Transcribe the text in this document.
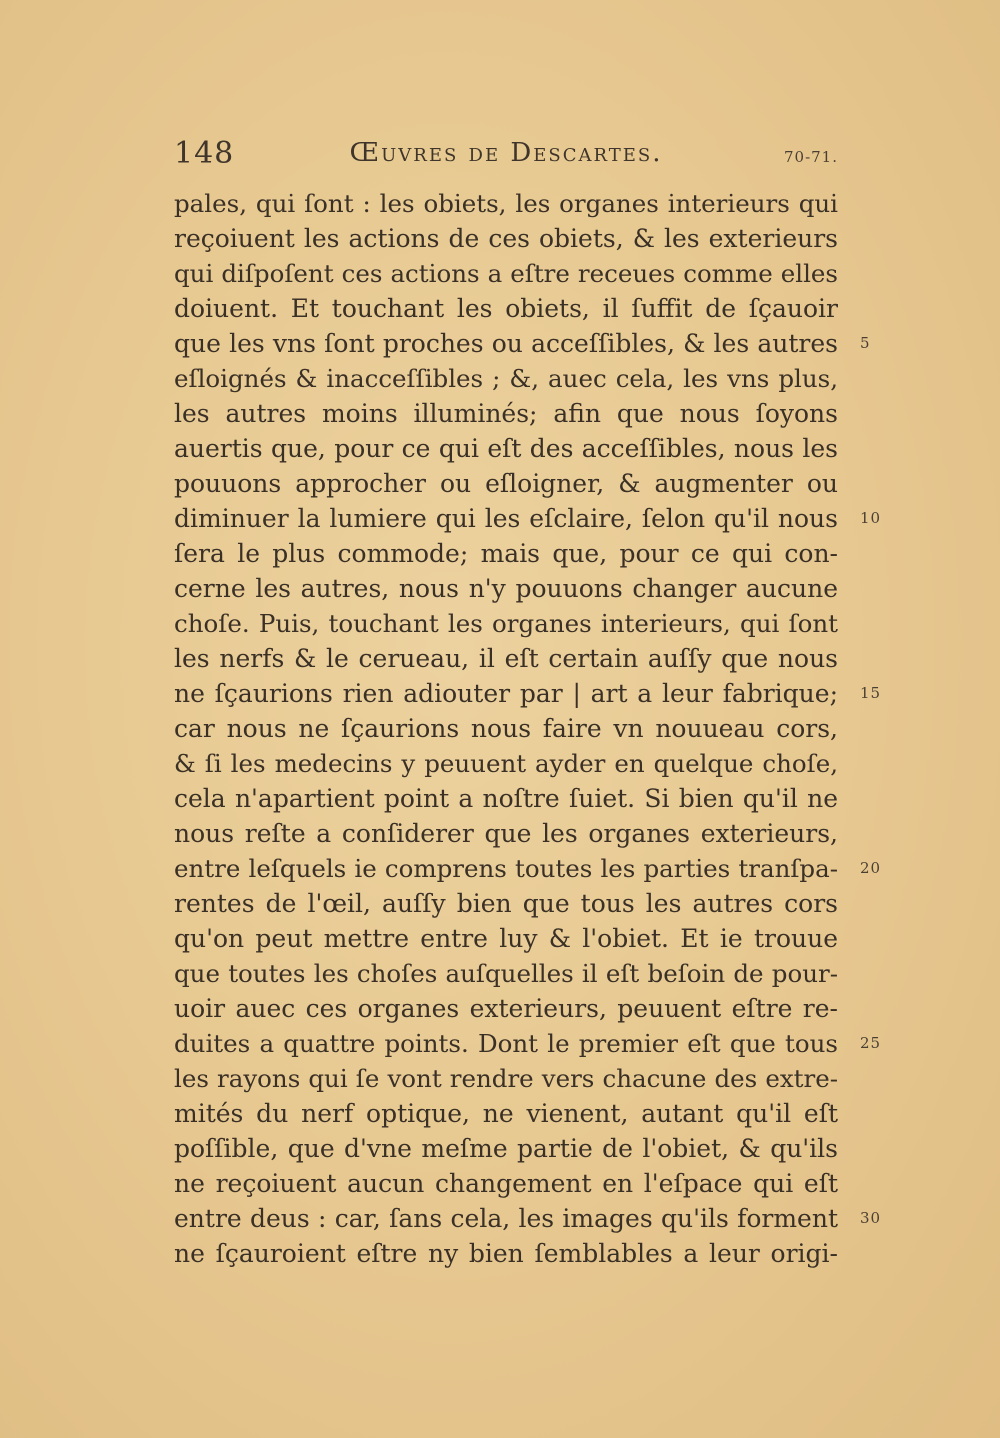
148	Œuvres de Descartes.	70-71.
pales, qui ſont : les obiets, les organes interieurs qui
reçoiuent les actions de ces obiets, & les exterieurs
qui diſpoſent ces actions a eſtre receues comme elles
doiuent. Et touchant les obiets, il ſuffit de ſçauoir
que les vns ſont proches ou acceſſibles, & les autres 5
eſloignés & inacceſſibles ; &, auec cela, les vns plus,
les autres moins illuminés; afin que nous ſoyons
auertis que, pour ce qui eſt des acceſſibles, nous les
pouuons approcher ou eſloigner, & augmenter ou
diminuer la lumiere qui les eſclaire, ſelon qu'il nous 10
ſera le plus commode; mais que, pour ce qui con-
cerne les autres, nous n'y pouuons changer aucune
choſe. Puis, touchant les organes interieurs, qui ſont
les nerfs & le cerueau, il eſt certain auſſy que nous
ne ſçaurions rien adiouter par | art a leur fabrique; 15
car nous ne ſçaurions nous faire vn nouueau cors,
& ſi les medecins y peuuent ayder en quelque choſe,
cela n'apartient point a noſtre ſuiet. Si bien qu'il ne
nous reſte a conſiderer que les organes exterieurs,
entre leſquels ie comprens toutes les parties tranſpa- 20
rentes de l'œil, auſſy bien que tous les autres cors
qu'on peut mettre entre luy & l'obiet. Et ie trouue
que toutes les choſes auſquelles il eſt beſoin de pour-
uoir auec ces organes exterieurs, peuuent eſtre re-
duites a quattre points. Dont le premier eſt que tous 25
les rayons qui ſe vont rendre vers chacune des extre-
mités du nerf optique, ne vienent, autant qu'il eſt
poſſible, que d'vne meſme partie de l'obiet, & qu'ils
ne reçoiuent aucun changement en l'eſpace qui eſt
entre deus : car, ſans cela, les images qu'ils forment 30
ne ſçauroient eſtre ny bien ſemblables a leur origi-
